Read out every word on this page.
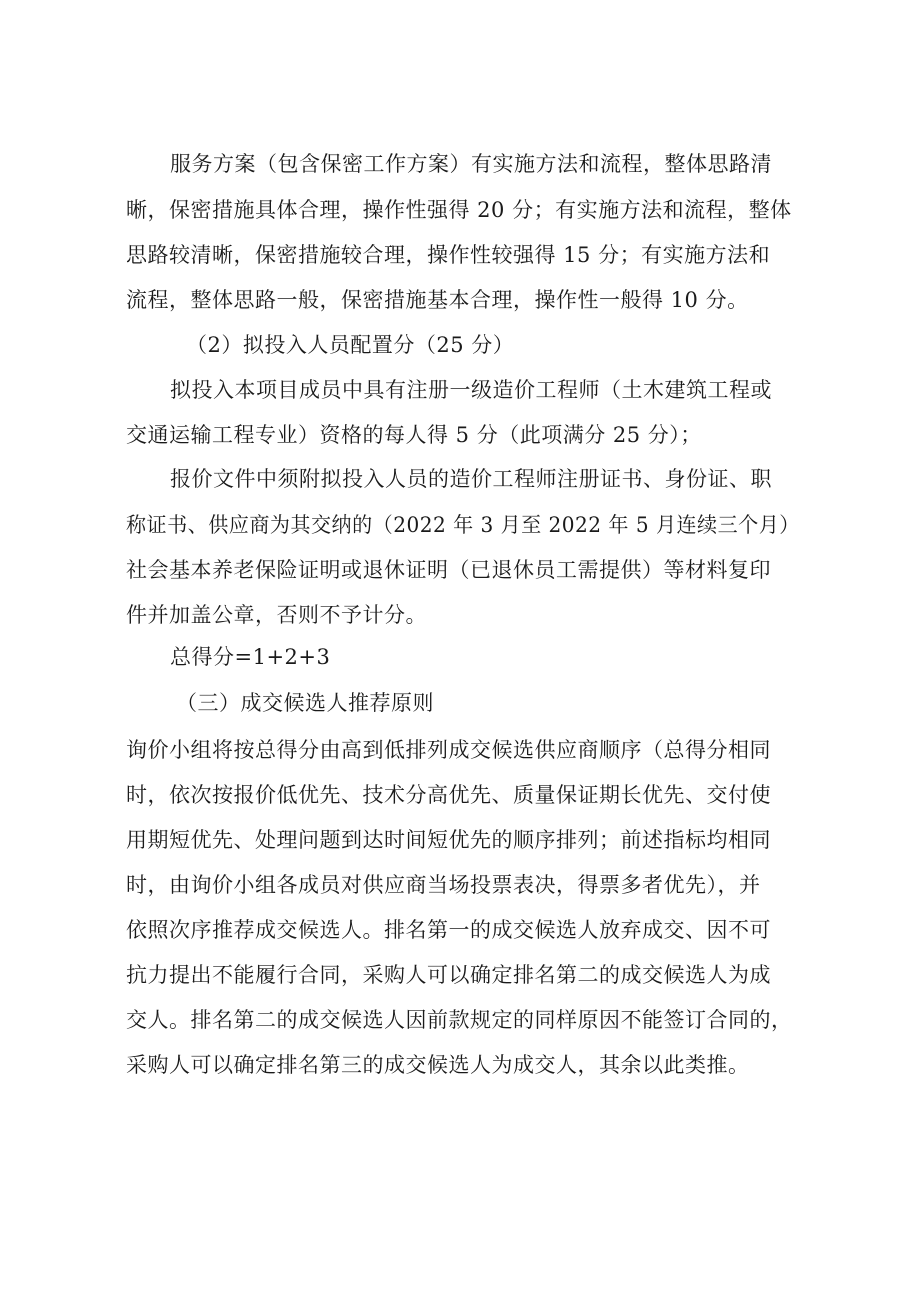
服务方案（包含保密工作方案）有实施方法和流程，整体思路清
晰，保密措施具体合理，操作性强得 20 分；有实施方法和流程，整体
思路较清晰，保密措施较合理，操作性较强得 15 分；有实施方法和
流程，整体思路一般，保密措施基本合理，操作性一般得 10 分。
（2）拟投入人员配置分（25 分）
拟投入本项目成员中具有注册一级造价工程师（土木建筑工程或
交通运输工程专业）资格的每人得 5 分（此项满分 25 分）；
报价文件中须附拟投入人员的造价工程师注册证书、身份证、职
称证书、供应商为其交纳的（2022 年 3 月至 2022 年 5 月连续三个月）
社会基本养老保险证明或退休证明（已退休员工需提供）等材料复印
件并加盖公章，否则不予计分。
总得分=1+2+3
（三）成交候选人推荐原则
询价小组将按总得分由高到低排列成交候选供应商顺序（总得分相同
时，依次按报价低优先、技术分高优先、质量保证期长优先、交付使
用期短优先、处理问题到达时间短优先的顺序排列；前述指标均相同
时，由询价小组各成员对供应商当场投票表决，得票多者优先），并
依照次序推荐成交候选人。排名第一的成交候选人放弃成交、因不可
抗力提出不能履行合同，采购人可以确定排名第二的成交候选人为成
交人。排名第二的成交候选人因前款规定的同样原因不能签订合同的，
采购人可以确定排名第三的成交候选人为成交人，其余以此类推。
